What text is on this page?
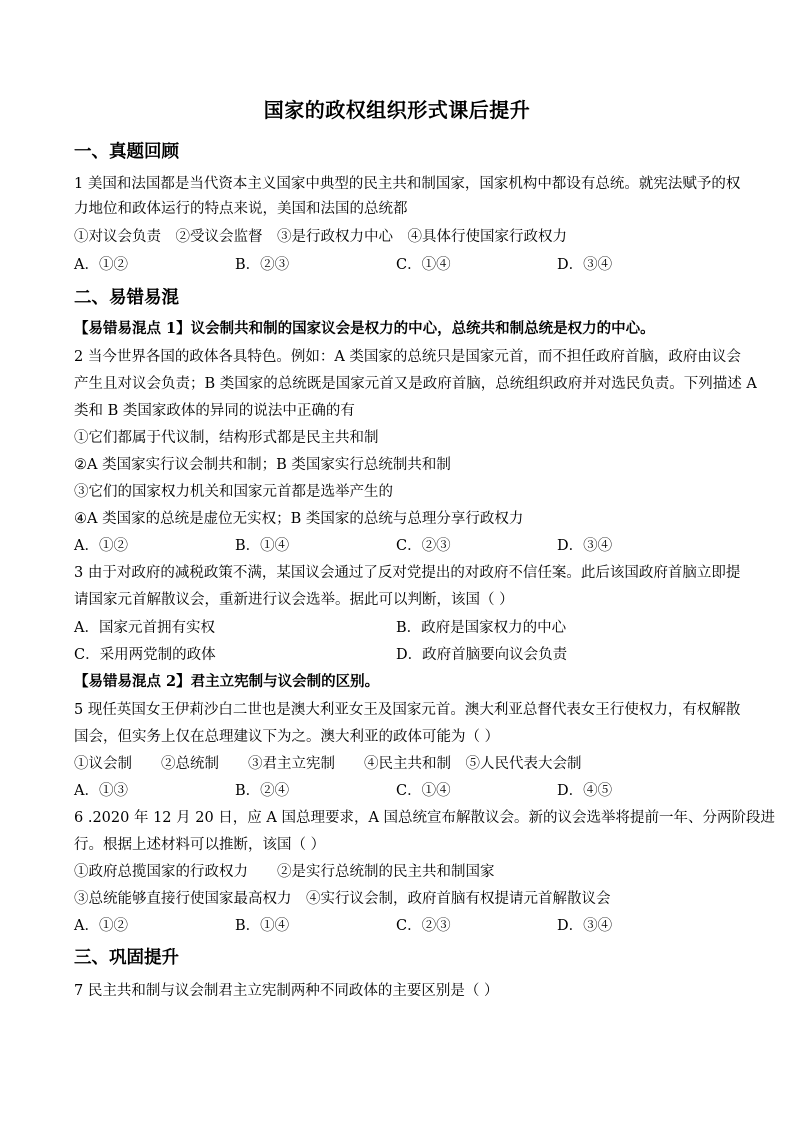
国家的政权组织形式课后提升
一、真题回顾
1 美国和法国都是当代资本主义国家中典型的民主共和制国家，国家机构中都设有总统。就宪法赋予的权
力地位和政体运行的特点来说，美国和法国的总统都
①对议会负责　②受议会监督　③是行政权力中心　④具体行使国家行政权力
A．①②	B．②③	C．①④	D．③④
二、易错易混
【易错易混点 1】议会制共和制的国家议会是权力的中心，总统共和制总统是权力的中心。
2 当今世界各国的政体各具特色。例如：A 类国家的总统只是国家元首，而不担任政府首脑，政府由议会
产生且对议会负责；B 类国家的总统既是国家元首又是政府首脑，总统组织政府并对选民负责。下列描述 A
类和 B 类国家政体的异同的说法中正确的有
①它们都属于代议制，结构形式都是民主共和制
②A 类国家实行议会制共和制；B 类国家实行总统制共和制
③它们的国家权力机关和国家元首都是选举产生的
④A 类国家的总统是虚位无实权；B 类国家的总统与总理分享行政权力
A．①②	B．①④	C．②③	D．③④
3 由于对政府的减税政策不满，某国议会通过了反对党提出的对政府不信任案。此后该国政府首脑立即提
请国家元首解散议会，重新进行议会选举。据此可以判断，该国（ ）
A．国家元首拥有实权	B．政府是国家权力的中心
C．采用两党制的政体	D．政府首脑要向议会负责
【易错易混点 2】君主立宪制与议会制的区别。
5 现任英国女王伊莉沙白二世也是澳大利亚女王及国家元首。澳大利亚总督代表女王行使权力，有权解散
国会，但实务上仅在总理建议下为之。澳大利亚的政体可能为（ ）
①议会制　　②总统制　　③君主立宪制　　④民主共和制　⑤人民代表大会制
A．①③	B．②④	C．①④	D．④⑤
6 .2020 年 12 月 20 日，应 A 国总理要求，A 国总统宣布解散议会。新的议会选举将提前一年、分两阶段进
行。根据上述材料可以推断，该国（ ）
①政府总揽国家的行政权力　　②是实行总统制的民主共和制国家
③总统能够直接行使国家最高权力　④实行议会制，政府首脑有权提请元首解散议会
A．①②	B．①④	C．②③	D．③④
三、巩固提升
7 民主共和制与议会制君主立宪制两种不同政体的主要区别是（ ）
